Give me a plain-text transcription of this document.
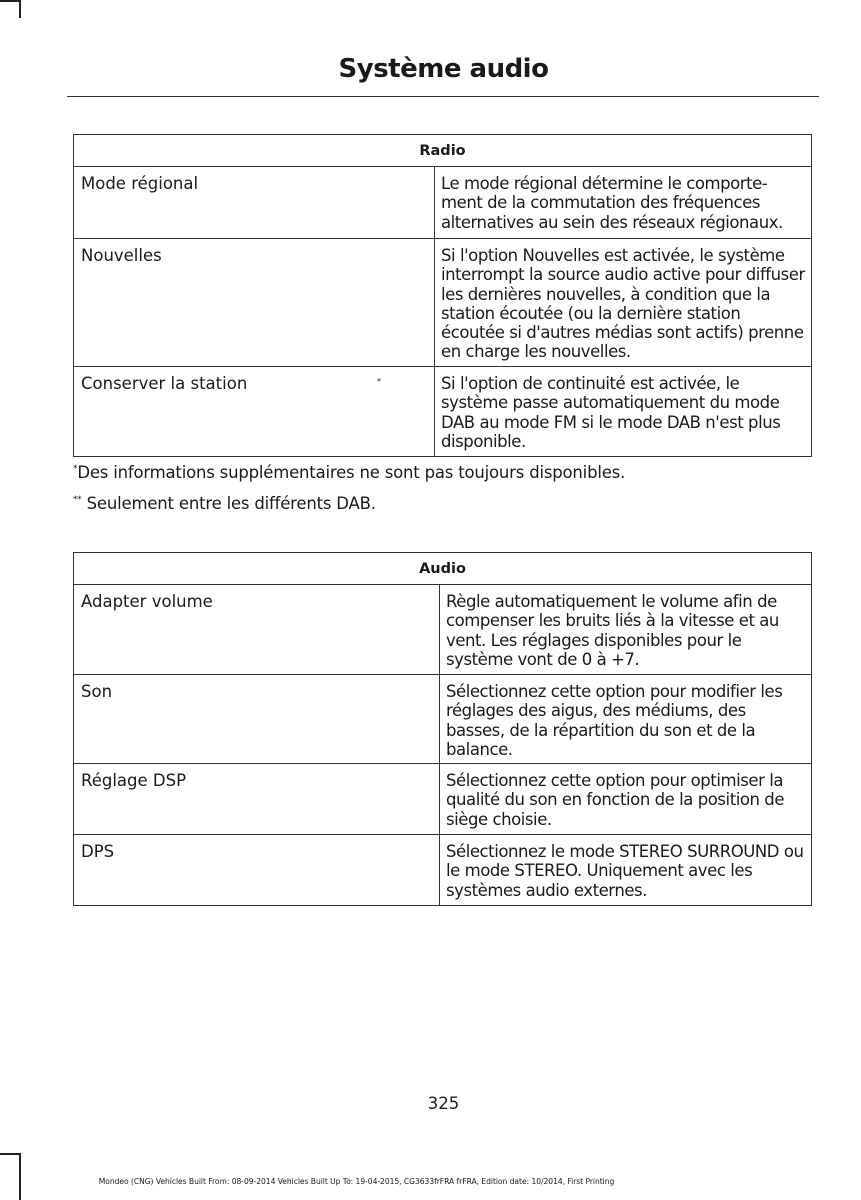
Système audio
Radio
Mode régional	Le mode régional détermine le comporte-ment de la commutation des fréquences alternatives au sein des réseaux régionaux.
Nouvelles	Si l'option Nouvelles est activée, le système interrompt la source audio active pour diffuser les dernières nouvelles, à condition que la station écoutée (ou la dernière station écoutée si d'autres médias sont actifs) prenne en charge les nouvelles.
Conserver la station	*	Si l'option de continuité est activée, le système passe automatiquement du mode DAB au mode FM si le mode DAB n'est plus disponible.
*Des informations supplémentaires ne sont pas toujours disponibles.
** Seulement entre les différents DAB.
Audio
Adapter volume	Règle automatiquement le volume afin de compenser les bruits liés à la vitesse et au vent. Les réglages disponibles pour le système vont de 0 à +7.
Son	Sélectionnez cette option pour modifier les réglages des aigus, des médiums, des basses, de la répartition du son et de la balance.
Réglage DSP	Sélectionnez cette option pour optimiser la qualité du son en fonction de la position de siège choisie.
DPS	Sélectionnez le mode STEREO SURROUND ou le mode STEREO. Uniquement avec les systèmes audio externes.
325
Mondeo (CNG) Vehicles Built From: 08-09-2014 Vehicles Built Up To: 19-04-2015, CG3633frFRA frFRA, Edition date: 10/2014, First Printing
